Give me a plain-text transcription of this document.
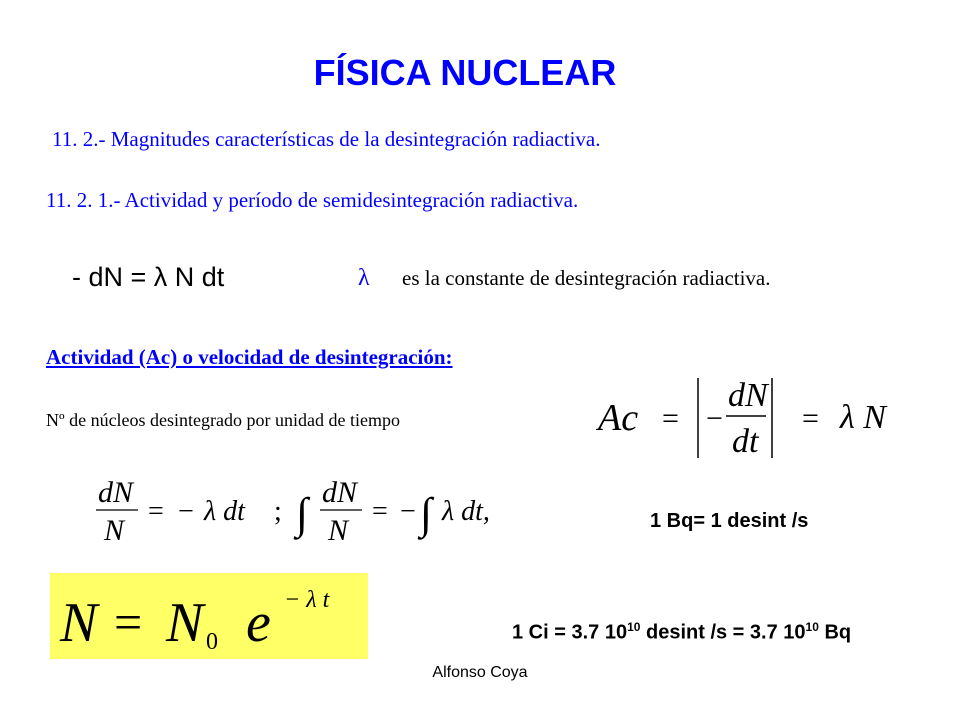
FÍSICA NUCLEAR
11. 2.- Magnitudes características de la desintegración radiactiva.
11. 2. 1.- Actividad y período de semidesintegración radiactiva.
- dN = λ N dt	λ es la constante de desintegración radiactiva.
Actividad (Ac) o velocidad de desintegración:
Nº de núcleos desintegrado por unidad de tiempo	Ac = −
dN
dt
= λ N
dN
N
= − λ dt ; ∫ dN
N
= − ∫ λ dt,	1 Bq= 1 desint /s
N = N 0 e − λ t
1 Ci = 3.7 $10^{10}$ desint /s = 3.7 $10^{10}$ Bq
Alfonso Coya
